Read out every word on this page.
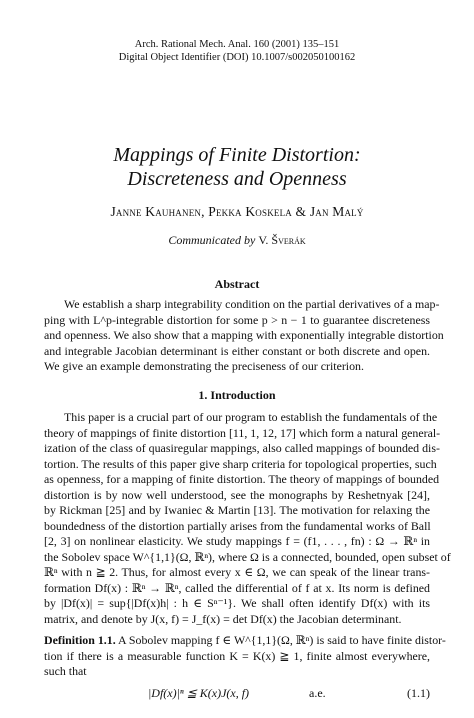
Arch. Rational Mech. Anal. 160 (2001) 135–151
Digital Object Identifier (DOI) 10.1007/s002050100162
Mappings of Finite Distortion:
Discreteness and Openness
Janne Kauhanen, Pekka Koskela & Jan Malý
Communicated by V. Šverák
Abstract
We establish a sharp integrability condition on the partial derivatives of a map-
ping with L^p-integrable distortion for some p > n − 1 to guarantee discreteness
and openness. We also show that a mapping with exponentially integrable distortion
and integrable Jacobian determinant is either constant or both discrete and open.
We give an example demonstrating the preciseness of our criterion.
1. Introduction
This paper is a crucial part of our program to establish the fundamentals of the
theory of mappings of finite distortion [11, 1, 12, 17] which form a natural general-
ization of the class of quasiregular mappings, also called mappings of bounded dis-
tortion. The results of this paper give sharp criteria for topological properties, such
as openness, for a mapping of finite distortion. The theory of mappings of bounded
distortion is by now well understood, see the monographs by Reshetnyak [24],
by Rickman [25] and by Iwaniec & Martin [13]. The motivation for relaxing the
boundedness of the distortion partially arises from the fundamental works of Ball
[2, 3] on nonlinear elasticity. We study mappings f = (f1, . . . , fn) : Ω → ℝⁿ in
the Sobolev space W^{1,1}(Ω, ℝⁿ), where Ω is a connected, bounded, open subset of
ℝⁿ with n ≧ 2. Thus, for almost every x ∈ Ω, we can speak of the linear trans-
formation Df(x) : ℝⁿ → ℝⁿ, called the differential of f at x. Its norm is defined
by |Df(x)| = sup{|Df(x)h| : h ∈ Sⁿ⁻¹}. We shall often identify Df(x) with its
matrix, and denote by J(x, f) = J_f(x) = det Df(x) the Jacobian determinant.
Definition 1.1. A Sobolev mapping f ∈ W^{1,1}(Ω, ℝⁿ) is said to have finite distor-
tion if there is a measurable function K = K(x) ≧ 1, finite almost everywhere,
such that
|Df(x)|ⁿ ≦ K(x)J(x, f)	a.e.	(1.1)
